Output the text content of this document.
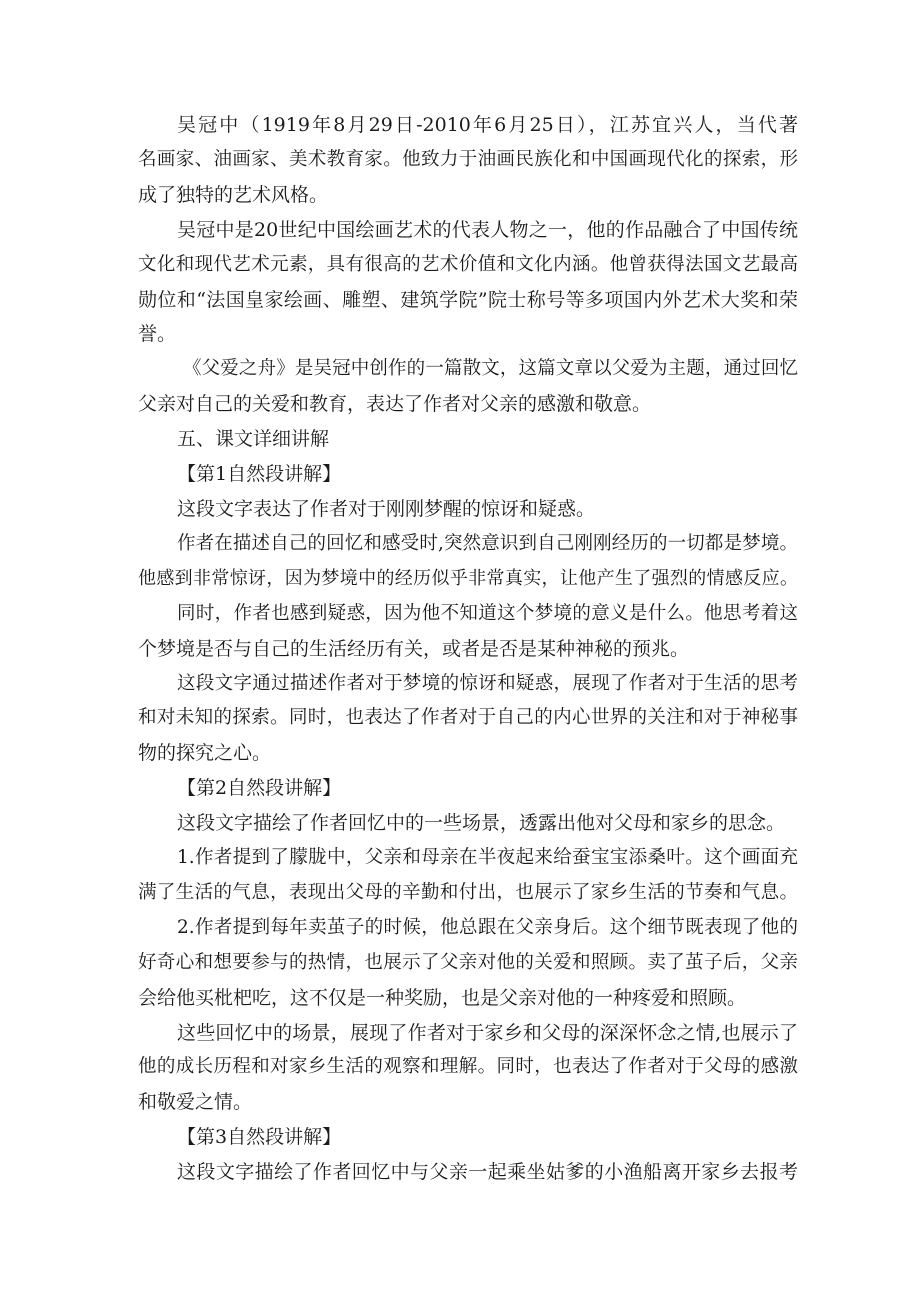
吴冠中（1919年8月29日-2010年6月25日），江苏宜兴人，当代著

名画家、油画家、美术教育家。他致力于油画民族化和中国画现代化的探索，形

成了独特的艺术风格。

吴冠中是20世纪中国绘画艺术的代表人物之一，他的作品融合了中国传统

文化和现代艺术元素，具有很高的艺术价值和文化内涵。他曾获得法国文艺最高

勋位和“法国皇家绘画、雕塑、建筑学院”院士称号等多项国内外艺术大奖和荣

誉。

《父爱之舟》是吴冠中创作的一篇散文，这篇文章以父爱为主题，通过回忆

父亲对自己的关爱和教育，表达了作者对父亲的感激和敬意。

五、课文详细讲解

【第1自然段讲解】

这段文字表达了作者对于刚刚梦醒的惊讶和疑惑。

作者在描述自己的回忆和感受时,突然意识到自己刚刚经历的一切都是梦境。

他感到非常惊讶，因为梦境中的经历似乎非常真实，让他产生了强烈的情感反应。

同时，作者也感到疑惑，因为他不知道这个梦境的意义是什么。他思考着这

个梦境是否与自己的生活经历有关，或者是否是某种神秘的预兆。

这段文字通过描述作者对于梦境的惊讶和疑惑，展现了作者对于生活的思考

和对未知的探索。同时，也表达了作者对于自己的内心世界的关注和对于神秘事

物的探究之心。

【第2自然段讲解】

这段文字描绘了作者回忆中的一些场景，透露出他对父母和家乡的思念。

1.作者提到了朦胧中，父亲和母亲在半夜起来给蚕宝宝添桑叶。这个画面充

满了生活的气息，表现出父母的辛勤和付出，也展示了家乡生活的节奏和气息。

2.作者提到每年卖茧子的时候，他总跟在父亲身后。这个细节既表现了他的

好奇心和想要参与的热情，也展示了父亲对他的关爱和照顾。卖了茧子后，父亲

会给他买枇杷吃，这不仅是一种奖励，也是父亲对他的一种疼爱和照顾。

这些回忆中的场景，展现了作者对于家乡和父母的深深怀念之情,也展示了

他的成长历程和对家乡生活的观察和理解。同时，也表达了作者对于父母的感激

和敬爱之情。

【第3自然段讲解】

这段文字描绘了作者回忆中与父亲一起乘坐姑爹的小渔船离开家乡去报考
